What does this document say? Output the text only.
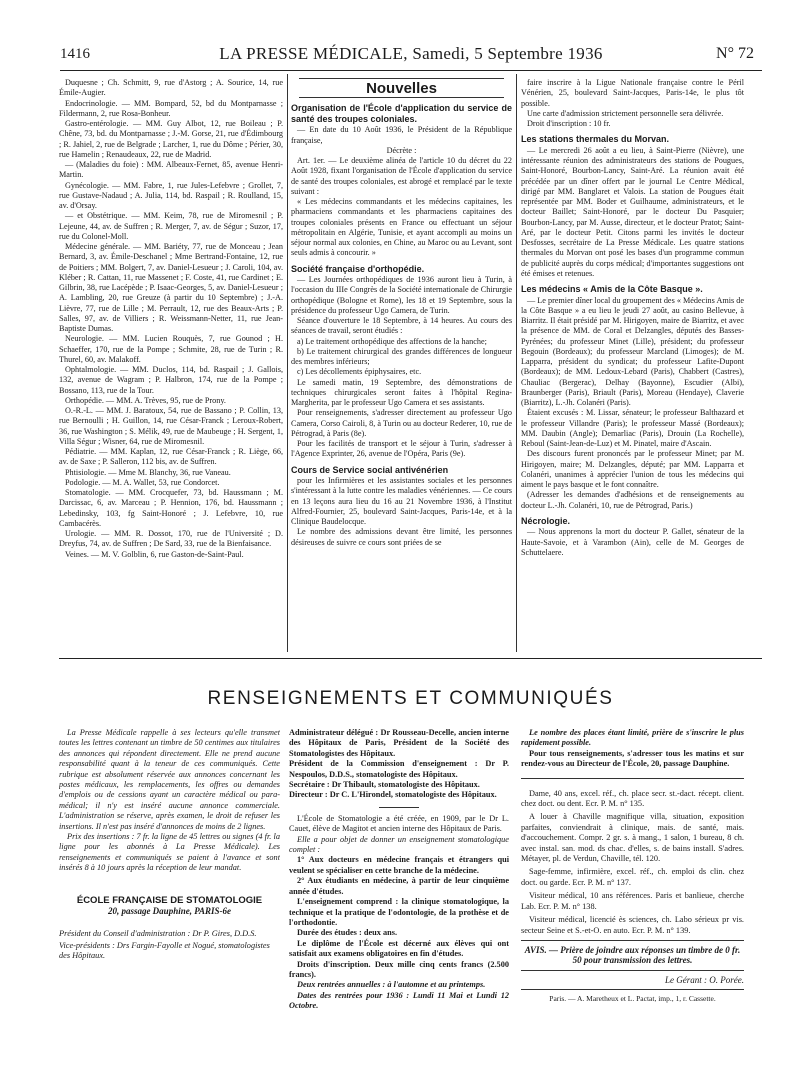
1416	LA PRESSE MÉDICALE, Samedi, 5 Septembre 1936	N° 72

Duquesne ; Ch. Schmitt, 9, rue d'Astorg ; A. Sourice, 14, rue Émile-Augier.

Endocrinologie. — MM. Bompard, 52, bd du Montparnasse ; Fildermann, 2, rue Rosa-Bonheur.

Gastro-entérologie. — MM. Guy Albot, 12, rue Boileau ; P. Chêne, 73, bd. du Montparnasse ; J.-M. Gorse, 21, rue d'Édimbourg ; R. Jahiel, 2, rue de Belgrade ; Larcher, 1, rue du Dôme ; Périer, 30, rue Hamelin ; Renaudeaux, 22, rue de Madrid.

— (Maladies du foie) : MM. Albeaux-Fernet, 85, avenue Henri-Martin.

Gynécologie. — MM. Fabre, 1, rue Jules-Lefebvre ; Grollet, 7, rue Gustave-Nadaud ; A. Julia, 114, bd. Raspail ; R. Roulland, 15, av. d'Orsay.

— et Obstétrique. — MM. Keim, 78, rue de Miromesnil ; P. Lejeune, 44, av. de Suffren ; R. Merger, 7, av. de Ségur ; Suzor, 17, rue du Colonel-Moll.

Médecine générale. — MM. Bariéty, 77, rue de Monceau ; Jean Bernard, 3, av. Émile-Deschanel ; Mme Bertrand-Fontaine, 12, rue de Poitiers ; MM. Bolgert, 7, av. Daniel-Lesueur ; J. Caroli, 104, av. Kléber ; R. Cattan, 11, rue Massenet ; F. Coste, 41, rue Cardinet ; E. Gilbrin, 38, rue Lacépède ; P. Isaac-Georges, 5, av. Daniel-Lesueur ; A. Lambling, 20, rue Greuze (à partir du 10 Septembre) ; J.-A. Lièvre, 77, rue de Lille ; M. Perrault, 12, rue des Beaux-Arts ; P. Salles, 97, av. de Villiers ; R. Weissmann-Netter, 11, rue Jean-Baptiste Dumas.

Neurologie. — MM. Lucien Rouquès, 7, rue Gounod ; H. Schaeffer, 170, rue de la Pompe ; Schmite, 28, rue de Turin ; R. Thurel, 60, av. Malakoff.

Ophtalmologie. — MM. Duclos, 114, bd. Raspail ; J. Gallois, 132, avenue de Wagram ; P. Halbron, 174, rue de la Pompe ; Bossano, 113, rue de la Tour.

Orthopédie. — MM. A. Trèves, 95, rue de Prony.

O.-R.-L. — MM. J. Baratoux, 54, rue de Bassano ; P. Collin, 13, rue Bernoulli ; H. Guillon, 14, rue César-Franck ; Leroux-Robert, 36, rue Washington ; S. Mélik, 49, rue de Maubeuge ; H. Sergent, 1, Villa Ségur ; Wisner, 64, rue de Miromesnil.

Pédiatrie. — MM. Kaplan, 12, rue César-Franck ; R. Liège, 66, av. de Saxe ; P. Salleron, 112 bis, av. de Suffren.

Phtisiologie. — Mme M. Blanchy, 36, rue Vaneau.

Podologie. — M. A. Wallet, 53, rue Condorcet.

Stomatologie. — MM. Crocquefer, 73, bd. Haussmann ; M. Darcissac, 6, av. Marceau ; P. Hennion, 176, bd. Haussmann ; Lebedinsky, 103, fg Saint-Honoré ; J. Lefebvre, 10, rue Cambacérès.

Urologie. — MM. R. Dossot, 170, rue de l'Université ; D. Dreyfus, 74, av. de Suffren ; De Sard, 33, rue de la Bienfaisance.

Veines. — M. V. Golblin, 6, rue Gaston-de-Saint-Paul.

Nouvelles
Organisation de l'École d'application du service de santé des troupes coloniales.

— En date du 10 Août 1936, le Président de la République française,

Décrète :

Art. 1er. — Le deuxième alinéa de l'article 10 du décret du 22 Août 1928, fixant l'organisation de l'École d'application du service de santé des troupes coloniales, est abrogé et remplacé par le texte suivant :

« Les médecins commandants et les médecins capitaines, les pharmaciens commandants et les pharmaciens capitaines des troupes coloniales présents en France ou effectuant un séjour métropolitain en Algérie, Tunisie, et ayant accompli au moins un séjour normal aux colonies, en Chine, au Maroc ou au Levant, sont seuls admis à concourir. »

Société française d'orthopédie.

— Les Journées orthopédiques de 1936 auront lieu à Turin, à l'occasion du IIIe Congrès de la Société internationale de Chirurgie orthopédique (Bologne et Rome), les 18 et 19 Septembre, sous la présidence du professeur Ugo Camera, de Turin.

Séance d'ouverture le 18 Septembre, à 14 heures. Au cours des séances de travail, seront étudiés :

a) Le traitement orthopédique des affections de la hanche;

b) Le traitement chirurgical des grandes différences de longueur des membres inférieurs;

c) Les décollements épiphysaires, etc.

Le samedi matin, 19 Septembre, des démonstrations de techniques chirurgicales seront faites à l'hôpital Regina-Margherita, par le professeur Ugo Camera et ses assistants.

Pour renseignements, s'adresser directement au professeur Ugo Camera, Corso Cairoli, 8, à Turin ou au docteur Rederer, 10, rue de Pétrograd, à Paris (8e).

Pour les facilités de transport et le séjour à Turin, s'adresser à l'Agence Exprinter, 26, avenue de l'Opéra, Paris (9e).

Cours de Service social antivénérien

pour les Infirmières et les assistantes sociales et les personnes s'intéressant à la lutte contre les maladies vénériennes. — Ce cours en 13 leçons aura lieu du 16 au 21 Novembre 1936, à l'Institut Alfred-Fournier, 25, boulevard Saint-Jacques, Paris-14e, et à la Clinique Baudelocque.

Le nombre des admissions devant être limité, les personnes désireuses de suivre ce cours sont priées de se

faire inscrire à la Ligue Nationale française contre le Péril Vénérien, 25, boulevard Saint-Jacques, Paris-14e, le plus tôt possible.

Une carte d'admission strictement personnelle sera délivrée.

Droit d'inscription : 10 fr.

Les stations thermales du Morvan.

— Le mercredi 26 août a eu lieu, à Saint-Pierre (Nièvre), une intéressante réunion des administrateurs des stations de Pougues, Saint-Honoré, Bourbon-Lancy, Saint-Aré. La réunion avait été précédée par un dîner offert par le journal Le Centre Médical, dirigé par MM. Banglaret et Valois. La station de Pougues était représentée par MM. Boder et Guilhaume, administrateurs, et le docteur Baillet; Saint-Honoré, par le docteur Du Pasquier; Bourbon-Lancy, par M. Ausse, directeur, et le docteur Pratot; Saint-Aré, par le docteur Petit. Citons parmi les invités le docteur Desfosses, secrétaire de La Presse Médicale. Les quatre stations thermales du Morvan ont posé les bases d'un programme commun de publicité auprès du corps médical; d'importantes suggestions ont été émises et retenues.

Les médecins « Amis de la Côte Basque ».

— Le premier dîner local du groupement des « Médecins Amis de la Côte Basque » a eu lieu le jeudi 27 août, au casino Bellevue, à Biarritz. Il était présidé par M. Hirigoyen, maire de Biarritz, et avec la présence de MM. de Coral et Delzangles, députés des Basses-Pyrénées; du professeur Minet (Lille), président; du professeur Begouin (Bordeaux); du professeur Marcland (Limoges); de M. Lapparra, président du syndicat; du professeur Lafite-Dupont (Bordeaux); de MM. Ledoux-Lebard (Paris), Chabbert (Castres), Chauliac (Bergerac), Delhay (Bayonne), Escudier (Albi), Braunberger (Paris), Briault (Paris), Moreau (Hendaye), Claverie (Biarritz), L.-Jh. Colanéri (Paris).

Étaient excusés : M. Lissar, sénateur; le professeur Balthazard et le professeur Villandre (Paris); le professeur Massé (Bordeaux); MM. Daubin (Angle); Demarliac (Paris), Drouin (La Rochelle), Reboul (Saint-Jean-de-Luz) et M. Pinatel, maire d'Ascain.

Des discours furent prononcés par le professeur Minet; par M. Hirigoyen, maire; M. Delzangles, député; par MM. Lapparra et Colanéri, unanimes à apprécier l'union de tous les médecins qui aiment le pays basque et le font connaître.

(Adresser les demandes d'adhésions et de renseignements au docteur L.-Jh. Colanéri, 10, rue de Pétrograd, Paris.)

Nécrologie.

— Nous apprenons la mort du docteur P. Gallet, sénateur de la Haute-Savoie, et à Varambon (Ain), celle de M. Georges de Schuttelaere.

RENSEIGNEMENTS ET COMMUNIQUÉS

La Presse Médicale rappelle à ses lecteurs qu'elle transmet toutes les lettres contenant un timbre de 50 centimes aux titulaires des annonces qui répondent directement. Elle ne prend aucune responsabilité quant à la teneur de ces communiqués. Cette rubrique est absolument réservée aux annonces concernant les postes médicaux, les remplacements, les offres ou demandes d'emplois ou de cessions ayant un caractère médical ou para-médical; il n'y est inséré aucune annonce commerciale. L'administration se réserve, après examen, le droit de refuser les insertions. Il n'est pas inséré d'annonces de moins de 2 lignes.

Prix des insertions : 7 fr. la ligne de 45 lettres ou signes (4 fr. la ligne pour les abonnés à La Presse Médicale). Les renseignements et communiqués se paient à l'avance et sont insérés 8 à 10 jours après la réception de leur mandat.

ÉCOLE FRANÇAISE DE STOMATOLOGIE
20, passage Dauphine, PARIS-6e

Président du Conseil d'administration : Dr P. Gires, D.D.S.

Vice-présidents : Drs Fargin-Fayolle et Nogué, stomatologistes des Hôpitaux.

Administrateur délégué : Dr Rousseau-Decelle, ancien interne des Hôpitaux de Paris, Président de la Société des Stomatologistes des Hôpitaux.

Président de la Commission d'enseignement : Dr P. Nespoulos, D.D.S., stomatologiste des Hôpitaux.

Secrétaire : Dr Thibault, stomatologiste des Hôpitaux.

Directeur : Dr C. L'Hirondel, stomatologiste des Hôpitaux.

L'École de Stomatologie a été créée, en 1909, par le Dr L. Cauet, élève de Magitot et ancien interne des Hôpitaux de Paris.

Elle a pour objet de donner un enseignement stomatologique complet :

1° Aux docteurs en médecine français et étrangers qui veulent se spécialiser en cette branche de la médecine.

2° Aux étudiants en médecine, à partir de leur cinquième année d'études.

L'enseignement comprend : la clinique stomatologique, la technique et la pratique de l'odontologie, de la prothèse et de l'orthodontie.

Durée des études : deux ans.

Le diplôme de l'École est décerné aux élèves qui ont satisfait aux examens obligatoires en fin d'études.

Droits d'inscription. Deux mille cinq cents francs (2.500 francs).

Deux rentrées annuelles : à l'automne et au printemps.

Dates des rentrées pour 1936 : Lundi 11 Mai et Lundi 12 Octobre.

Le nombre des places étant limité, prière de s'inscrire le plus rapidement possible.

Pour tous renseignements, s'adresser tous les matins et sur rendez-vous au Directeur de l'École, 20, passage Dauphine.

Dame, 40 ans, excel. réf., ch. place secr. st.-dact. récept. client. chez doct. ou dent. Ecr. P. M. n° 135.

A louer à Chaville magnifique villa, situation, exposition parfaites, conviendrait à clinique, mais. de santé, mais. d'accouchement. Compr. 2 gr. s. à mang., 1 salon, 1 bureau, 8 ch. avec instal. san. mod. ds chac. d'elles, s. de bains install. S'adres. Métayer, pl. de Verdun, Chaville, tél. 120.

Sage-femme, infirmière, excel. réf., ch. emploi ds clin. chez doct. ou garde. Ecr. P. M. n° 137.

Visiteur médical, 10 ans références. Paris et banlieue, cherche Lab. Ecr. P. M. n° 138.

Visiteur médical, licencié ès sciences, ch. Labo sérieux pr vis. secteur Seine et S.-et-O. en auto. Ecr. P. M. n° 139.

AVIS. — Prière de joindre aux réponses un timbre de 0 fr. 50 pour transmission des lettres.

Le Gérant : O. Porée.

Paris. — A. Maretheux et L. Pactat, imp., 1, r. Cassette.
